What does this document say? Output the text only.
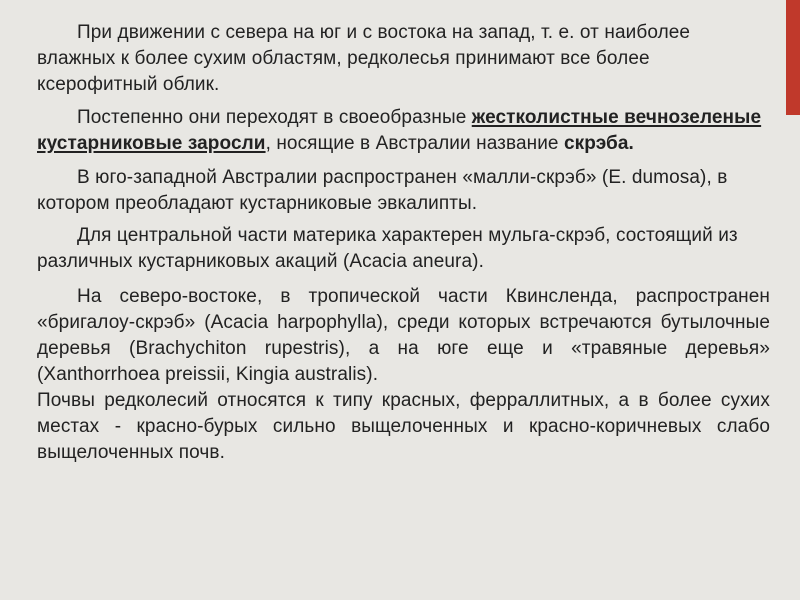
При движении с севера на юг и с востока на запад, т. е. от наиболее влажных к более сухим областям, редколесья принимают все более ксерофитный облик.

Постепенно они переходят в своеобразные жестколистные вечнозеленые кустарниковые заросли, носящие в Австралии название скрэба.

В юго-западной Австралии распространен «малли-скрэб» (E. dumosa), в котором преобладают кустарниковые эвкалипты.

Для центральной части материка характерен мульга-скрэб, состоящий из различных кустарниковых акаций (Acacia aneura).

На северо-востоке, в тропической части Квинсленда, распространен «бригалоу-скрэб» (Acacia harpophylla), среди которых встречаются бутылочные деревья (Brachychiton rupestris), а на юге еще и «травяные деревья» (Xanthorrhoea preissii, Kingia australis).

Почвы редколесий относятся к типу красных, ферраллитных, а в более сухих местах - красно-бурых сильно выщелоченных и красно-коричневых слабо выщелоченных почв.
